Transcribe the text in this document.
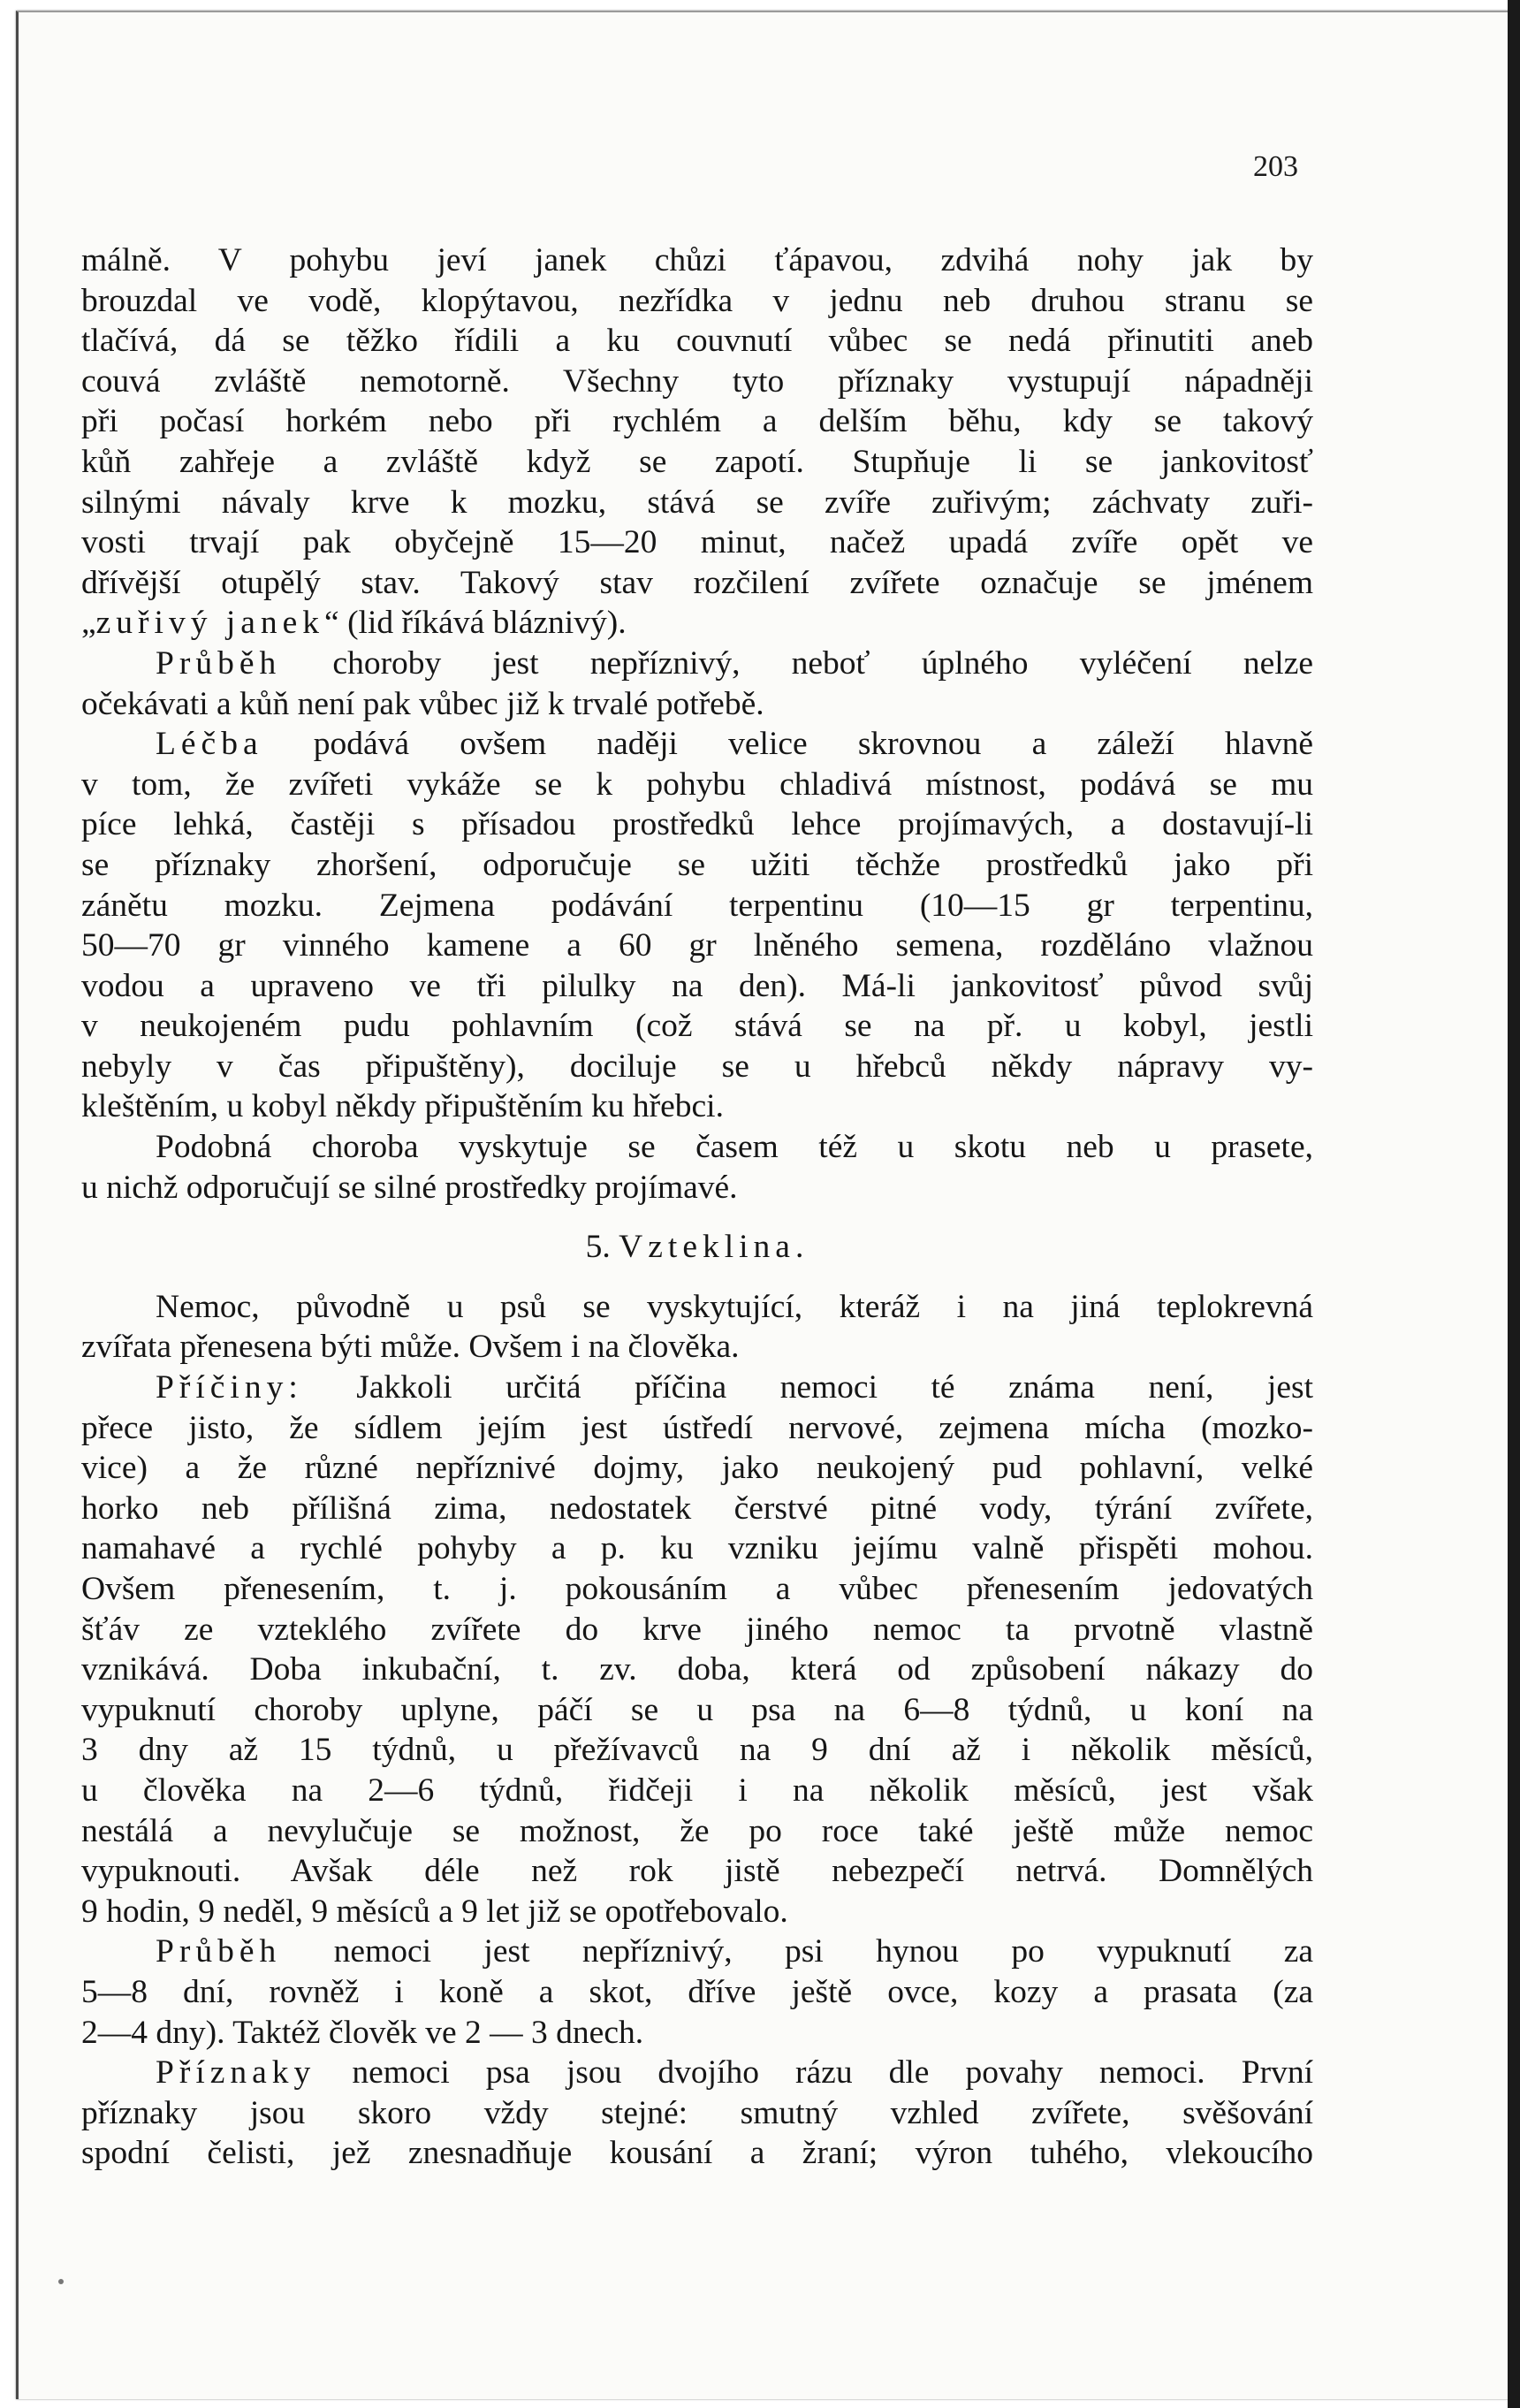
203

málně. V pohybu jeví janek chůzi ťápavou, zdvihá nohy jak by

brouzdal ve vodě, klopýtavou, nezřídka v jednu neb druhou stranu se

tlačívá, dá se těžko řídili a ku couvnutí vůbec se nedá přinutiti aneb

couvá zvláště nemotorně. Všechny tyto příznaky vystupují nápadněji

při počasí horkém nebo při rychlém a delším běhu, kdy se takový

kůň zahřeje a zvláště když se zapotí. Stupňuje li se jankovitosť

silnými návaly krve k mozku, stává se zvíře zuřivým; záchvaty zuři-

vosti trvají pak obyčejně 15—20 minut, načež upadá zvíře opět ve

dřívější otupělý stav. Takový stav rozčilení zvířete označuje se jménem

„zuřivý janek“ (lid říkává bláznivý).

Průběh choroby jest nepříznivý, neboť úplného vyléčení nelze

očekávati a kůň není pak vůbec již k trvalé potřebě.

Léčba podává ovšem naději velice skrovnou a záleží hlavně

v tom, že zvířeti vykáže se k pohybu chladivá místnost, podává se mu

píce lehká, častěji s přísadou prostředků lehce projímavých, a dostavují-li

se příznaky zhoršení, odporučuje se užiti těchže prostředků jako při

zánětu mozku. Zejmena podávání terpentinu (10—15 gr terpentinu,

50—70 gr vinného kamene a 60 gr lněného semena, rozděláno vlažnou

vodou a upraveno ve tři pilulky na den). Má-li jankovitosť původ svůj

v neukojeném pudu pohlavním (což stává se na př. u kobyl, jestli

nebyly v čas připuštěny), dociluje se u hřebců někdy nápravy vy-

kleštěním, u kobyl někdy připuštěním ku hřebci.

Podobná choroba vyskytuje se časem též u skotu neb u prasete,

u nichž odporučují se silné prostředky projímavé.

5. Vzteklina.

Nemoc, původně u psů se vyskytující, kteráž i na jiná teplokrevná

zvířata přenesena býti může. Ovšem i na člověka.

Příčiny: Jakkoli určitá příčina nemoci té známa není, jest

přece jisto, že sídlem jejím jest ústředí nervové, zejmena mícha (mozko-

vice) a že různé nepříznivé dojmy, jako neukojený pud pohlavní, velké

horko neb přílišná zima, nedostatek čerstvé pitné vody, týrání zvířete,

namahavé a rychlé pohyby a p. ku vzniku jejímu valně přispěti mohou.

Ovšem přenesením, t. j. pokousáním a vůbec přenesením jedovatých

šťáv ze vzteklého zvířete do krve jiného nemoc ta prvotně vlastně

vznikává. Doba inkubační, t. zv. doba, která od způsobení nákazy do

vypuknutí choroby uplyne, páčí se u psa na 6—8 týdnů, u koní na

3 dny až 15 týdnů, u přežívavců na 9 dní až i několik měsíců,

u člověka na 2—6 týdnů, řidčeji i na několik měsíců, jest však

nestálá a nevylučuje se možnost, že po roce také ještě může nemoc

vypuknouti. Avšak déle než rok jistě nebezpečí netrvá. Domnělých

9 hodin, 9 neděl, 9 měsíců a 9 let již se opotřebovalo.

Průběh nemoci jest nepříznivý, psi hynou po vypuknutí za

5—8 dní, rovněž i koně a skot, dříve ještě ovce, kozy a prasata (za

2—4 dny). Taktéž člověk ve 2 — 3 dnech.

Příznaky nemoci psa jsou dvojího rázu dle povahy nemoci. První

příznaky jsou skoro vždy stejné: smutný vzhled zvířete, svěšování

spodní čelisti, jež znesnadňuje kousání a žraní; výron tuhého, vlekoucího
